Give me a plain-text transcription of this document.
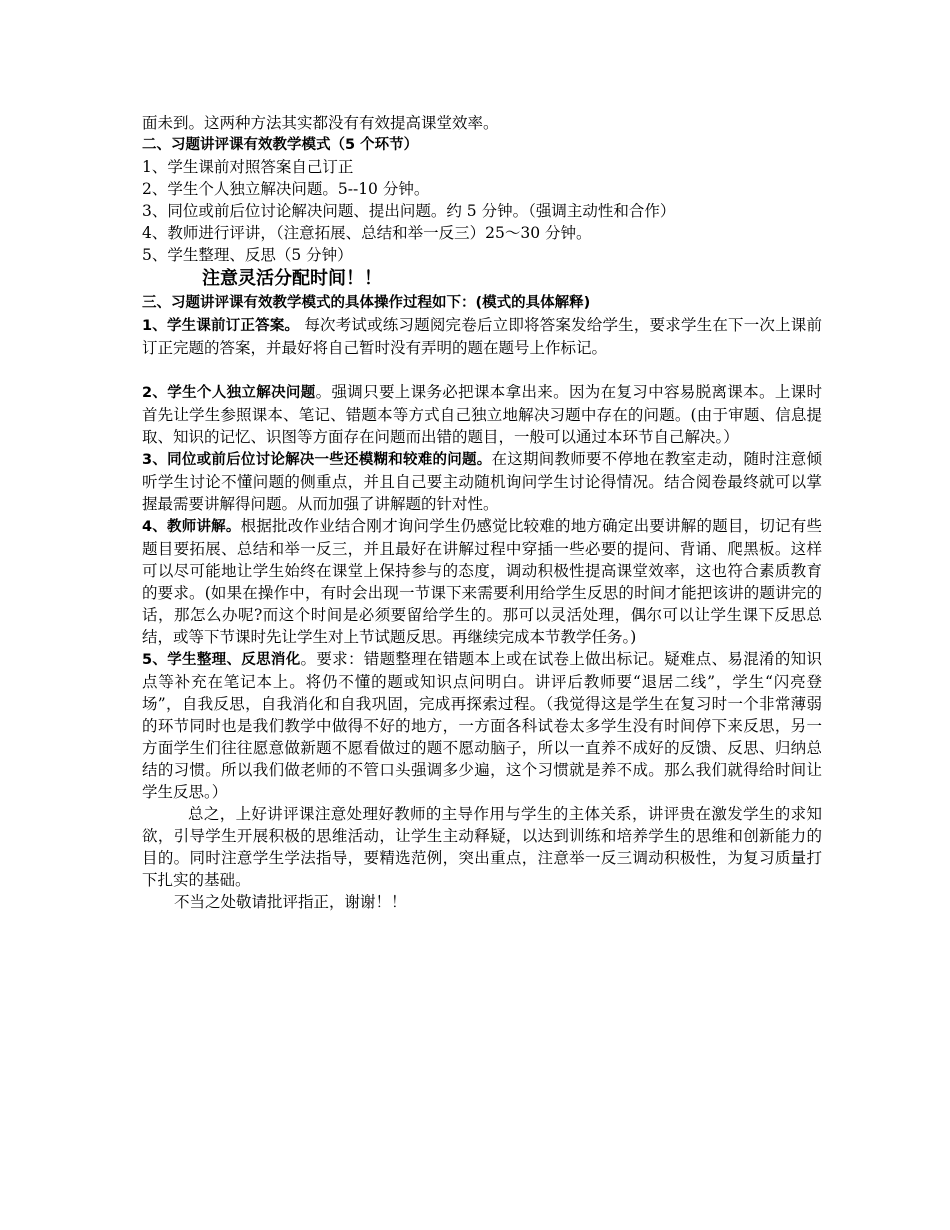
面未到。这两种方法其实都没有有效提高课堂效率。
二、习题讲评课有效教学模式（5 个环节）
1、学生课前对照答案自己订正
2、学生个人独立解决问题。5--10 分钟。
3、同位或前后位讨论解决问题、提出问题。约 5 分钟。（强调主动性和合作）
4、教师进行评讲，（注意拓展、总结和举一反三）25～30 分钟。
5、学生整理、反思（5 分钟）
注意灵活分配时间！！
三、习题讲评课有效教学模式的具体操作过程如下：(模式的具体解释)
1、学生课前订正答案。 每次考试或练习题阅完卷后立即将答案发给学生，要求学生在下一次上课前订正完题的答案，并最好将自己暂时没有弄明的题在题号上作标记。
2、学生个人独立解决问题。强调只要上课务必把课本拿出来。因为在复习中容易脱离课本。上课时首先让学生参照课本、笔记、错题本等方式自己独立地解决习题中存在的问题。(由于审题、信息提取、知识的记忆、识图等方面存在问题而出错的题目，一般可以通过本环节自己解决。）
3、同位或前后位讨论解决一些还模糊和较难的问题。在这期间教师要不停地在教室走动，随时注意倾听学生讨论不懂问题的侧重点，并且自己要主动随机询问学生讨论得情况。结合阅卷最终就可以掌握最需要讲解得问题。从而加强了讲解题的针对性。
4、教师讲解。根据批改作业结合刚才询问学生仍感觉比较难的地方确定出要讲解的题目，切记有些题目要拓展、总结和举一反三，并且最好在讲解过程中穿插一些必要的提问、背诵、爬黑板。这样可以尽可能地让学生始终在课堂上保持参与的态度，调动积极性提高课堂效率，这也符合素质教育的要求。(如果在操作中，有时会出现一节课下来需要利用给学生反思的时间才能把该讲的题讲完的话，那怎么办呢?而这个时间是必须要留给学生的。那可以灵活处理，偶尔可以让学生课下反思总结，或等下节课时先让学生对上节试题反思。再继续完成本节教学任务。)
5、学生整理、反思消化。要求：错题整理在错题本上或在试卷上做出标记。疑难点、易混淆的知识点等补充在笔记本上。将仍不懂的题或知识点问明白。讲评后教师要“退居二线”，学生“闪亮登场”，自我反思，自我消化和自我巩固，完成再探索过程。（我觉得这是学生在复习时一个非常薄弱的环节同时也是我们教学中做得不好的地方，一方面各科试卷太多学生没有时间停下来反思，另一方面学生们往往愿意做新题不愿看做过的题不愿动脑子，所以一直养不成好的反馈、反思、归纳总结的习惯。所以我们做老师的不管口头强调多少遍，这个习惯就是养不成。那么我们就得给时间让学生反思。）
总之，上好讲评课注意处理好教师的主导作用与学生的主体关系，讲评贵在激发学生的求知欲，引导学生开展积极的思维活动，让学生主动释疑，以达到训练和培养学生的思维和创新能力的目的。同时注意学生学法指导，要精选范例，突出重点，注意举一反三调动积极性，为复习质量打下扎实的基础。
不当之处敬请批评指正，谢谢！！
